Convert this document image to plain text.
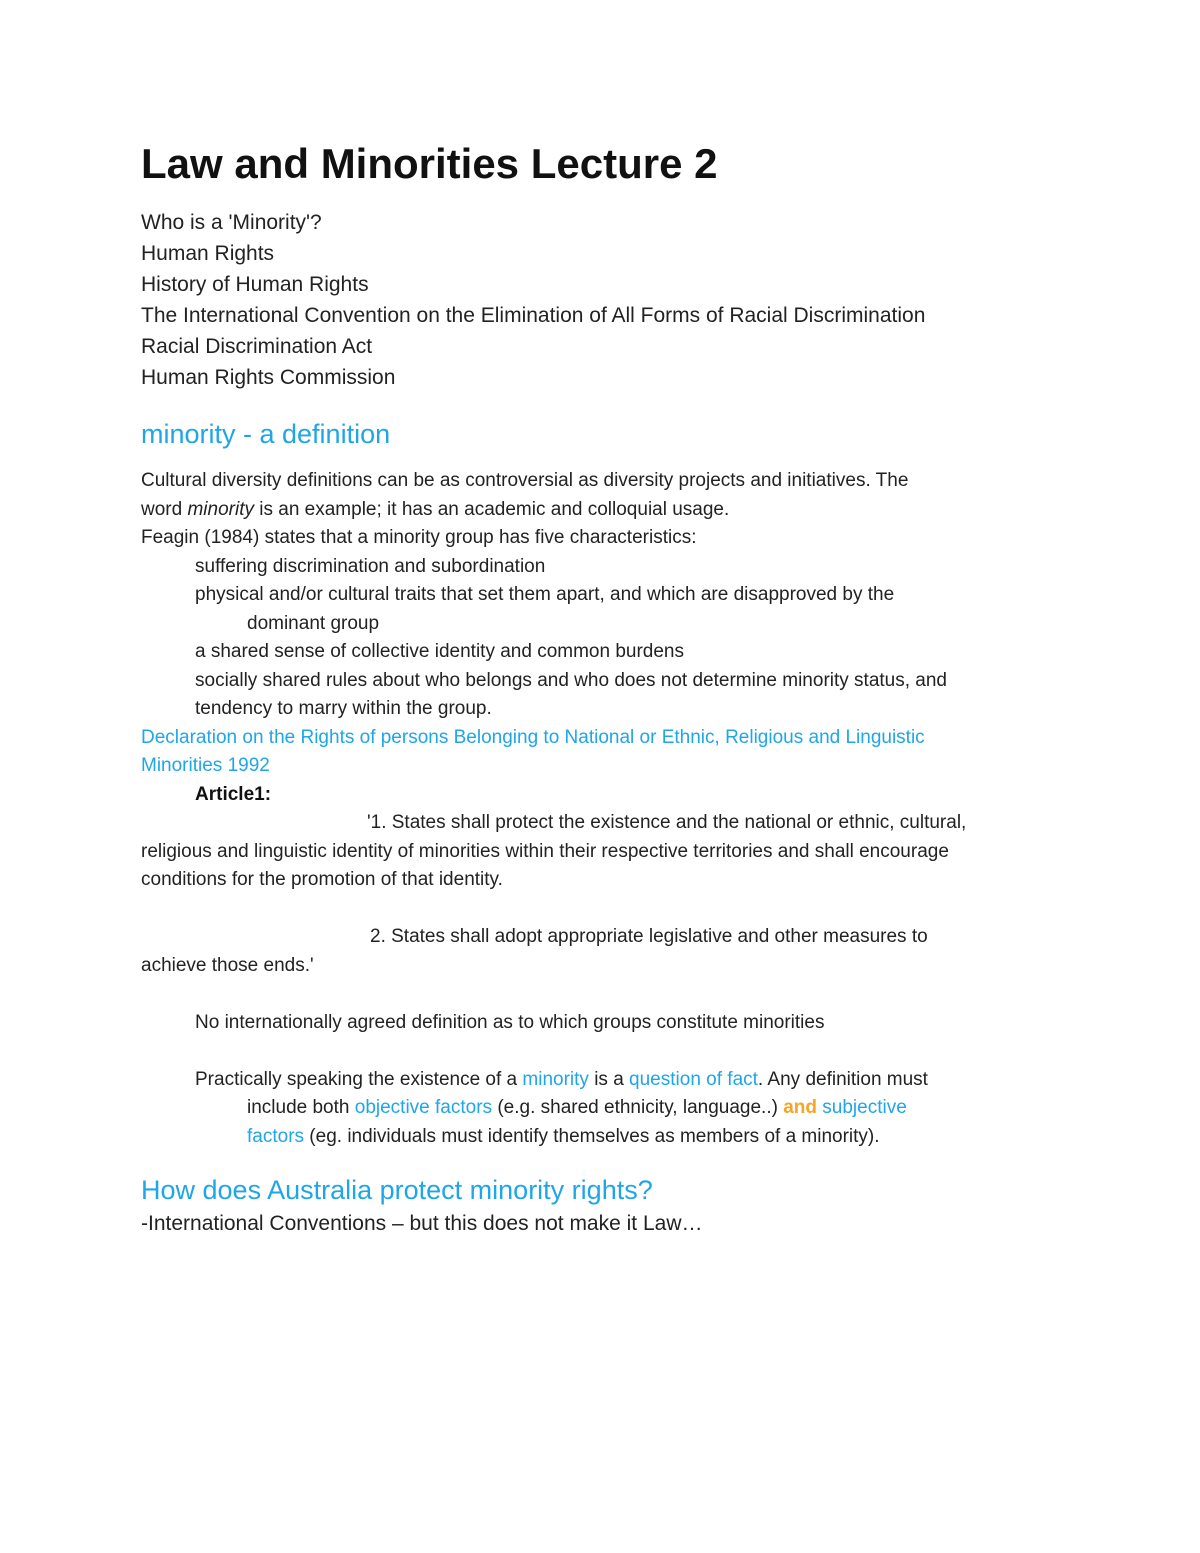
Law and Minorities Lecture 2
Who is a 'Minority'?
Human Rights
History of Human Rights
The International Convention on the Elimination of All Forms of Racial Discrimination
Racial Discrimination Act
Human Rights Commission
minority - a definition
Cultural diversity definitions can be as controversial as diversity projects and initiatives. The
word minority is an example; it has an academic and colloquial usage.
Feagin (1984) states that a minority group has five characteristics:
suffering discrimination and subordination
physical and/or cultural traits that set them apart, and which are disapproved by the
dominant group
a shared sense of collective identity and common burdens
socially shared rules about who belongs and who does not determine minority status, and
tendency to marry within the group.
Declaration on the Rights of persons Belonging to National or Ethnic, Religious and Linguistic
Minorities 1992
Article1:
'1. States shall protect the existence and the national or ethnic, cultural,
religious and linguistic identity of minorities within their respective territories and shall encourage
conditions for the promotion of that identity.
2. States shall adopt appropriate legislative and other measures to
achieve those ends.'
No internationally agreed definition as to which groups constitute minorities
Practically speaking the existence of a minority is a question of fact. Any definition must
include both objective factors (e.g. shared ethnicity, language..) and subjective
factors (eg. individuals must identify themselves as members of a minority).
How does Australia protect minority rights?
-International Conventions – but this does not make it Law…
